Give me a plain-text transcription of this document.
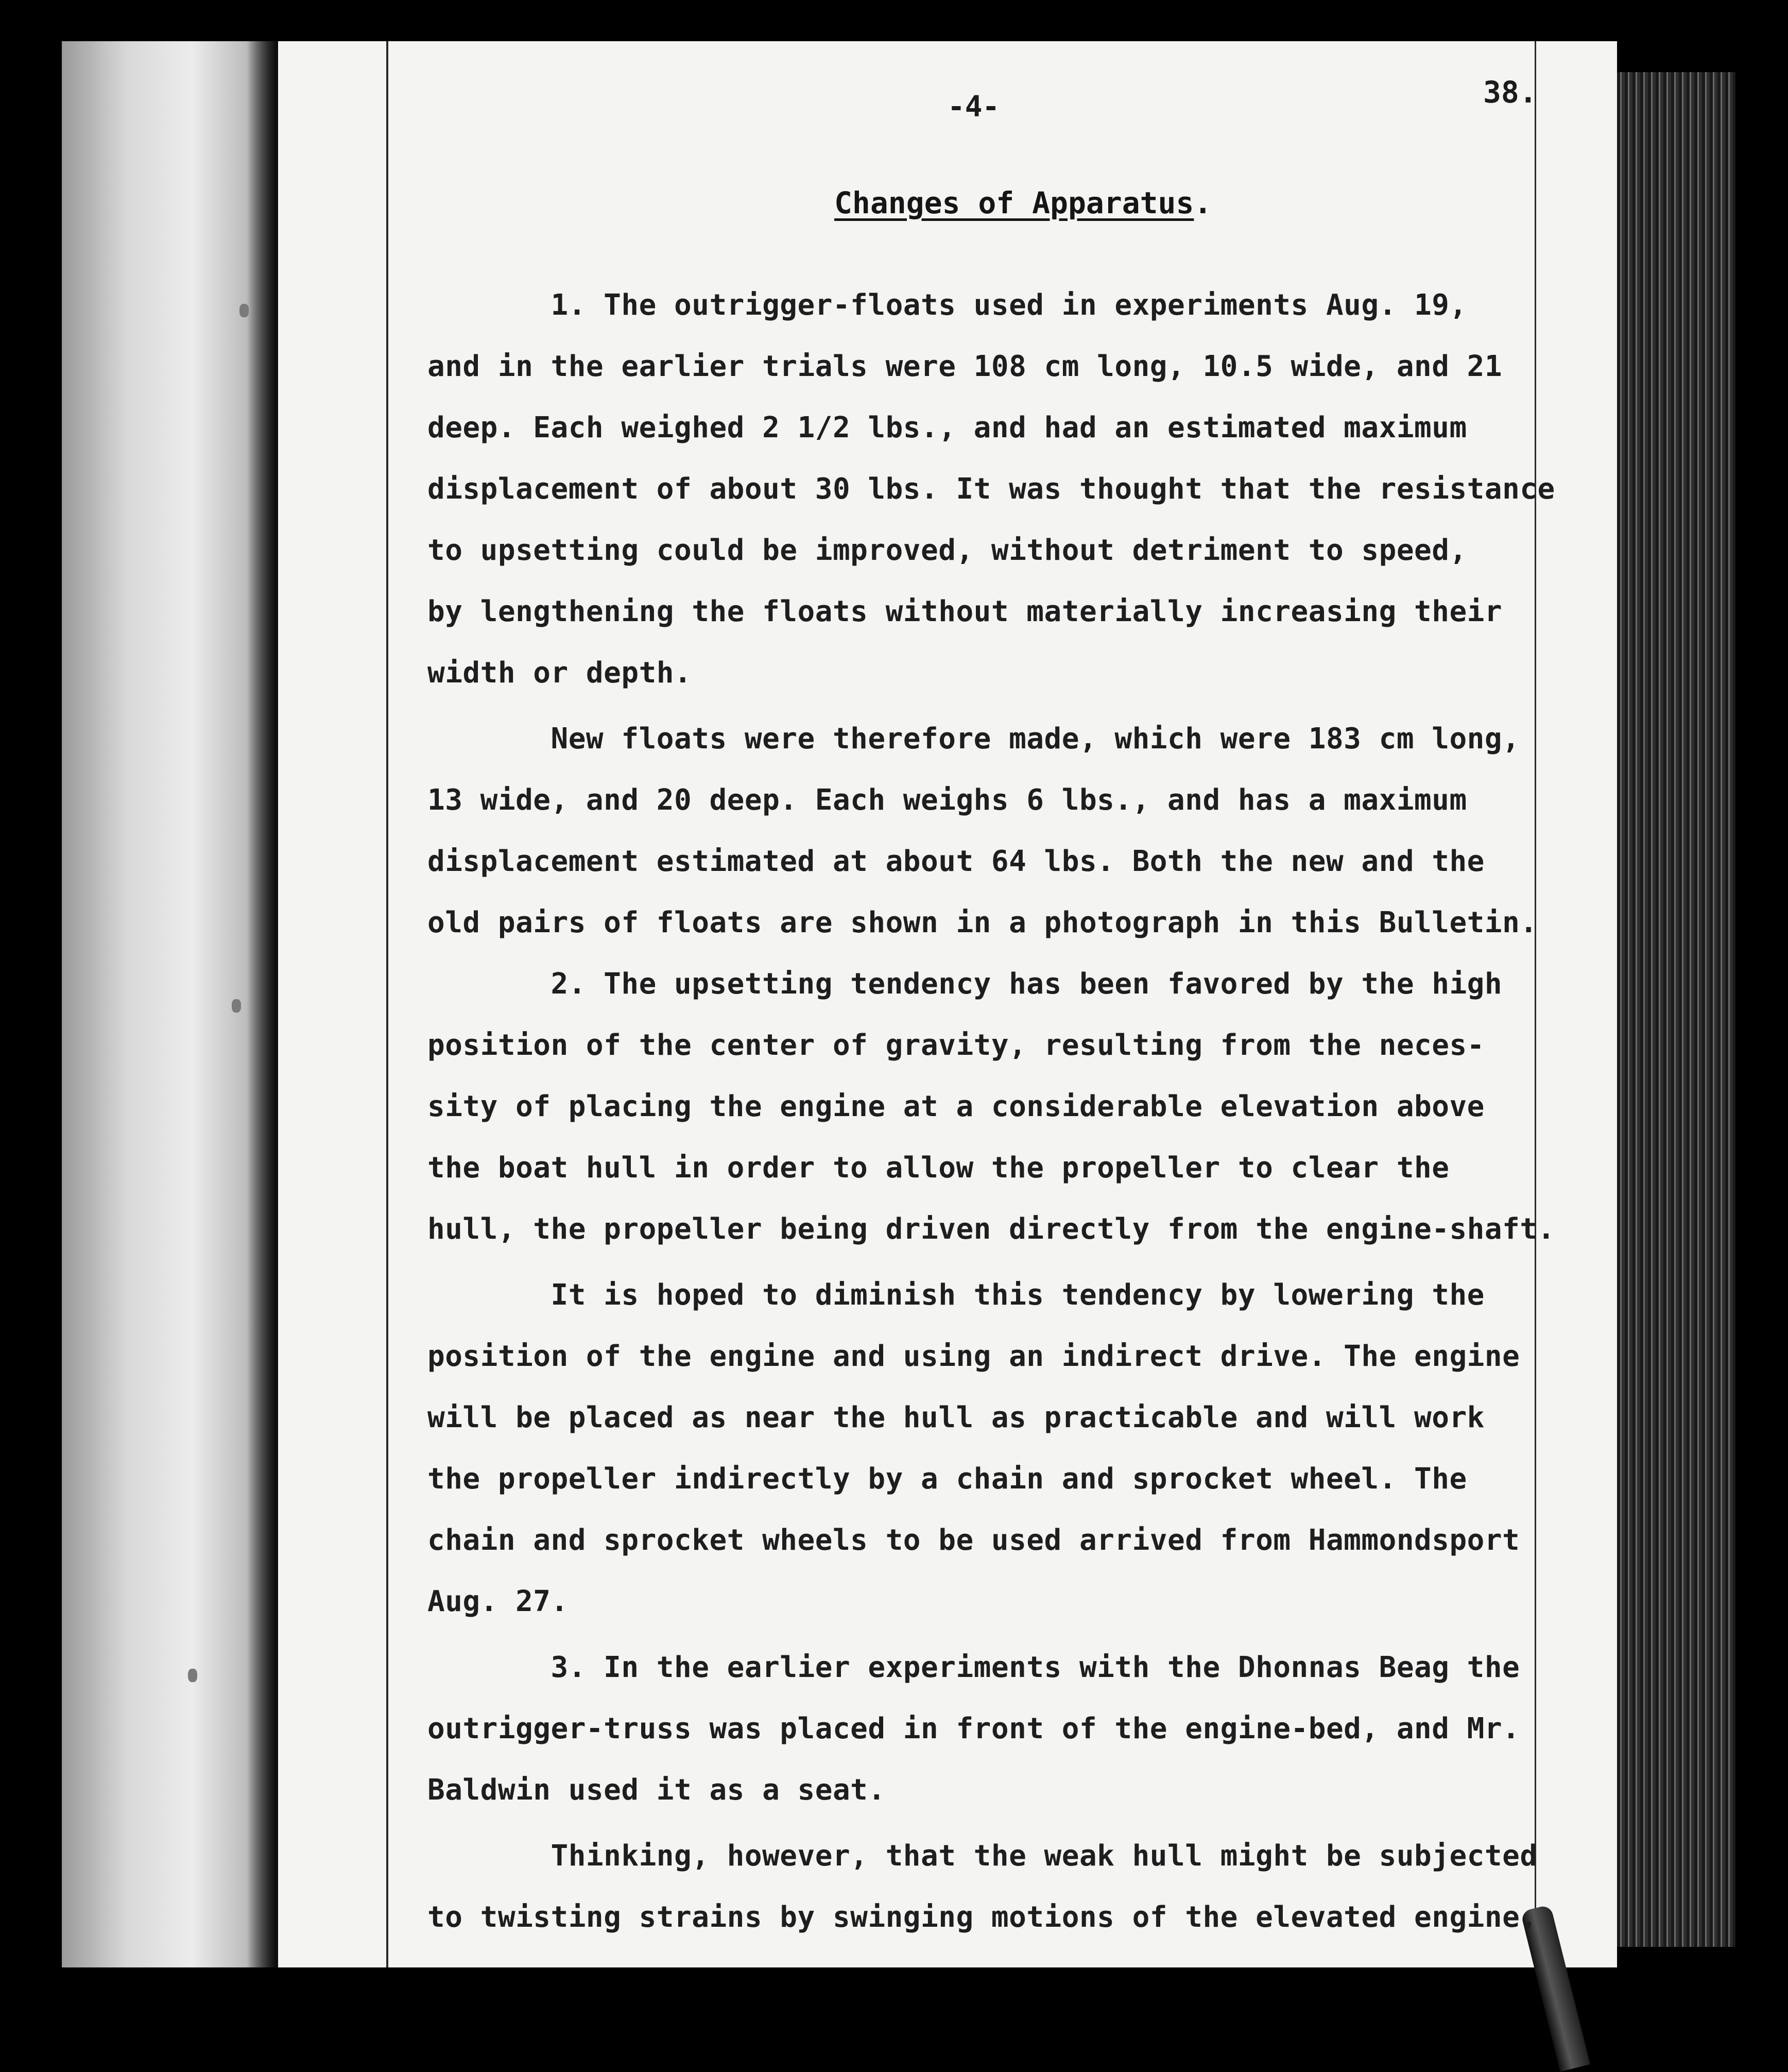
-4-	38.
Changes of Apparatus.
1. The outrigger-floats used in experiments Aug. 19,
and in the earlier trials were 108 cm long, 10.5 wide, and 21
deep. Each weighed 2 1/2 lbs., and had an estimated maximum
displacement of about 30 lbs. It was thought that the resistance
to upsetting could be improved, without detriment to speed,
by lengthening the floats without materially increasing their
width or depth.
New floats were therefore made, which were 183 cm long,
13 wide, and 20 deep. Each weighs 6 lbs., and has a maximum
displacement estimated at about 64 lbs. Both the new and the
old pairs of floats are shown in a photograph in this Bulletin.
2. The upsetting tendency has been favored by the high
position of the center of gravity, resulting from the neces-
sity of placing the engine at a considerable elevation above
the boat hull in order to allow the propeller to clear the
hull, the propeller being driven directly from the engine-shaft.
It is hoped to diminish this tendency by lowering the
position of the engine and using an indirect drive. The engine
will be placed as near the hull as practicable and will work
the propeller indirectly by a chain and sprocket wheel. The
chain and sprocket wheels to be used arrived from Hammondsport
Aug. 27.
3. In the earlier experiments with the Dhonnas Beag the
outrigger-truss was placed in front of the engine-bed, and Mr.
Baldwin used it as a seat.
Thinking, however, that the weak hull might be subjected
to twisting strains by swinging motions of the elevated engine,
